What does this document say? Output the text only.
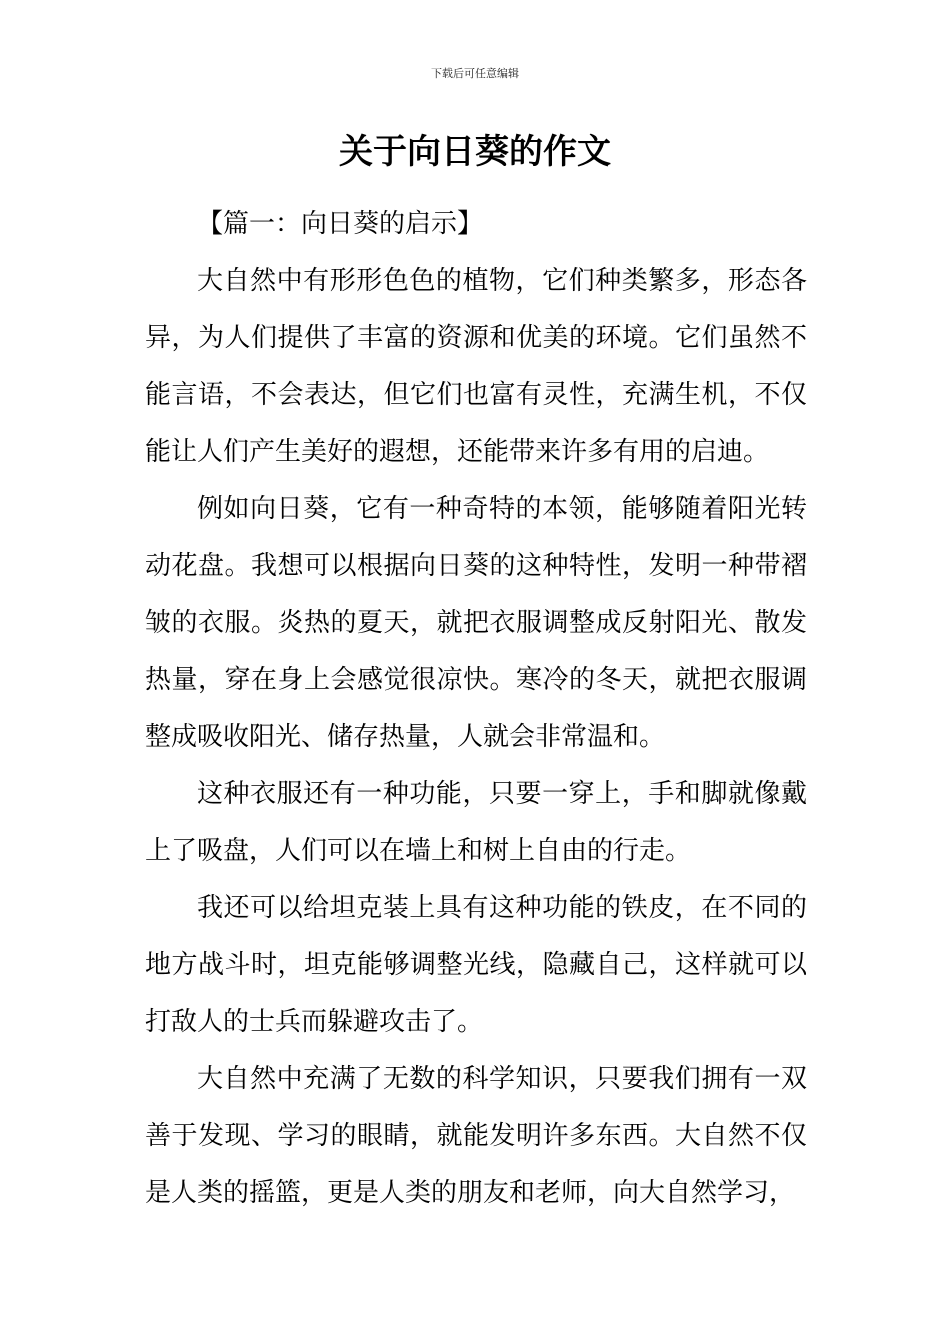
下载后可任意编辑
关于向日葵的作文
【篇一：向日葵的启示】

大自然中有形形色色的植物，它们种类繁多，形态各异，为人们提供了丰富的资源和优美的环境。它们虽然不能言语，不会表达，但它们也富有灵性，充满生机，不仅能让人们产生美好的遐想，还能带来许多有用的启迪。

例如向日葵，它有一种奇特的本领，能够随着阳光转动花盘。我想可以根据向日葵的这种特性，发明一种带褶皱的衣服。炎热的夏天，就把衣服调整成反射阳光、散发热量，穿在身上会感觉很凉快。寒冷的冬天，就把衣服调整成吸收阳光、储存热量，人就会非常温和。

这种衣服还有一种功能，只要一穿上，手和脚就像戴上了吸盘，人们可以在墙上和树上自由的行走。

我还可以给坦克装上具有这种功能的铁皮，在不同的地方战斗时，坦克能够调整光线，隐藏自己，这样就可以打敌人的士兵而躲避攻击了。

大自然中充满了无数的科学知识，只要我们拥有一双善于发现、学习的眼睛，就能发明许多东西。大自然不仅是人类的摇篮，更是人类的朋友和老师，向大自然学习，
